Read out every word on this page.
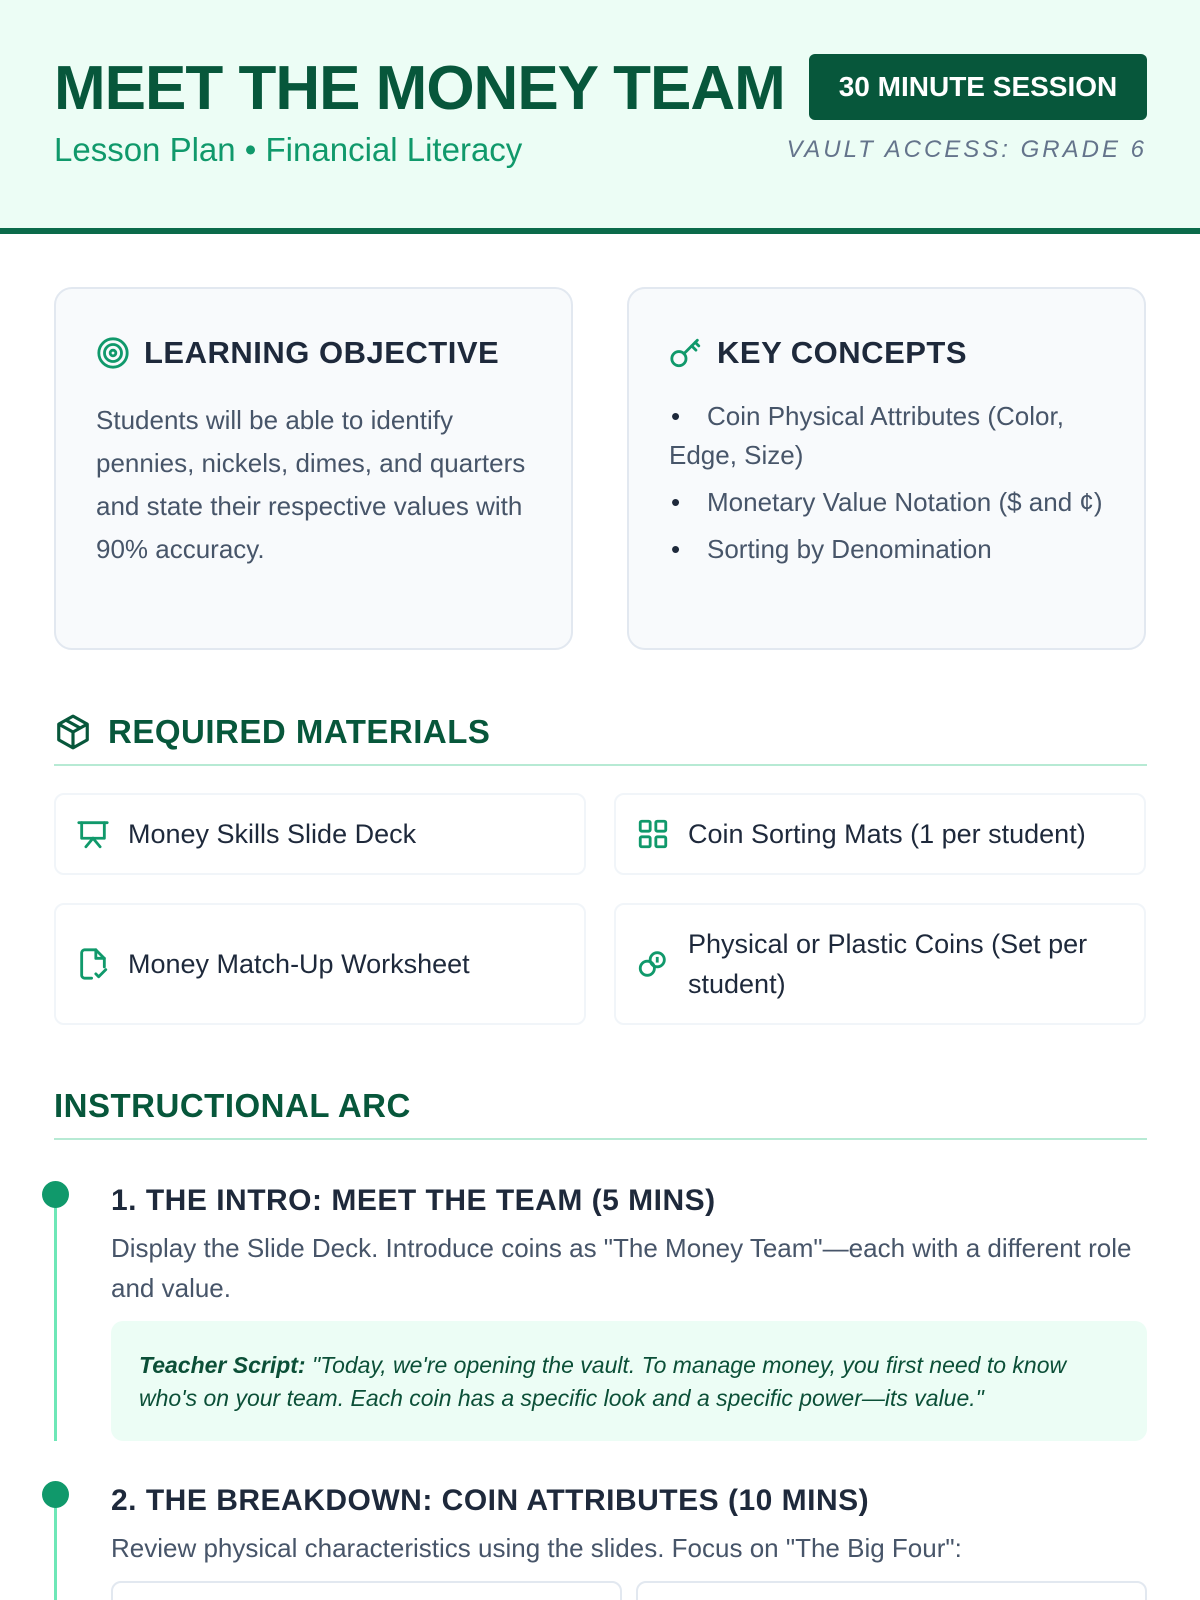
MEET THE MONEY TEAM
Lesson Plan • Financial Literacy
30 MINUTE SESSION
VAULT ACCESS: GRADE 6
LEARNING OBJECTIVE
Students will be able to identify pennies, nickels, dimes, and quarters and state their respective values with 90% accuracy.
KEY CONCEPTS
• Coin Physical Attributes (Color, Edge, Size)
• Monetary Value Notation ($ and ¢)
• Sorting by Denomination
REQUIRED MATERIALS
Money Skills Slide Deck	Coin Sorting Mats (1 per student)
Money Match-Up Worksheet
Physical or Plastic Coins (Set per student)
INSTRUCTIONAL ARC
1. THE INTRO: MEET THE TEAM (5 MINS)
Display the Slide Deck. Introduce coins as "The Money Team"—each with a different role and value.
Teacher Script: "Today, we're opening the vault. To manage money, you first need to know who's on your team. Each coin has a specific look and a specific power—its value."
2. THE BREAKDOWN: COIN ATTRIBUTES (10 MINS)
Review physical characteristics using the slides. Focus on "The Big Four":
